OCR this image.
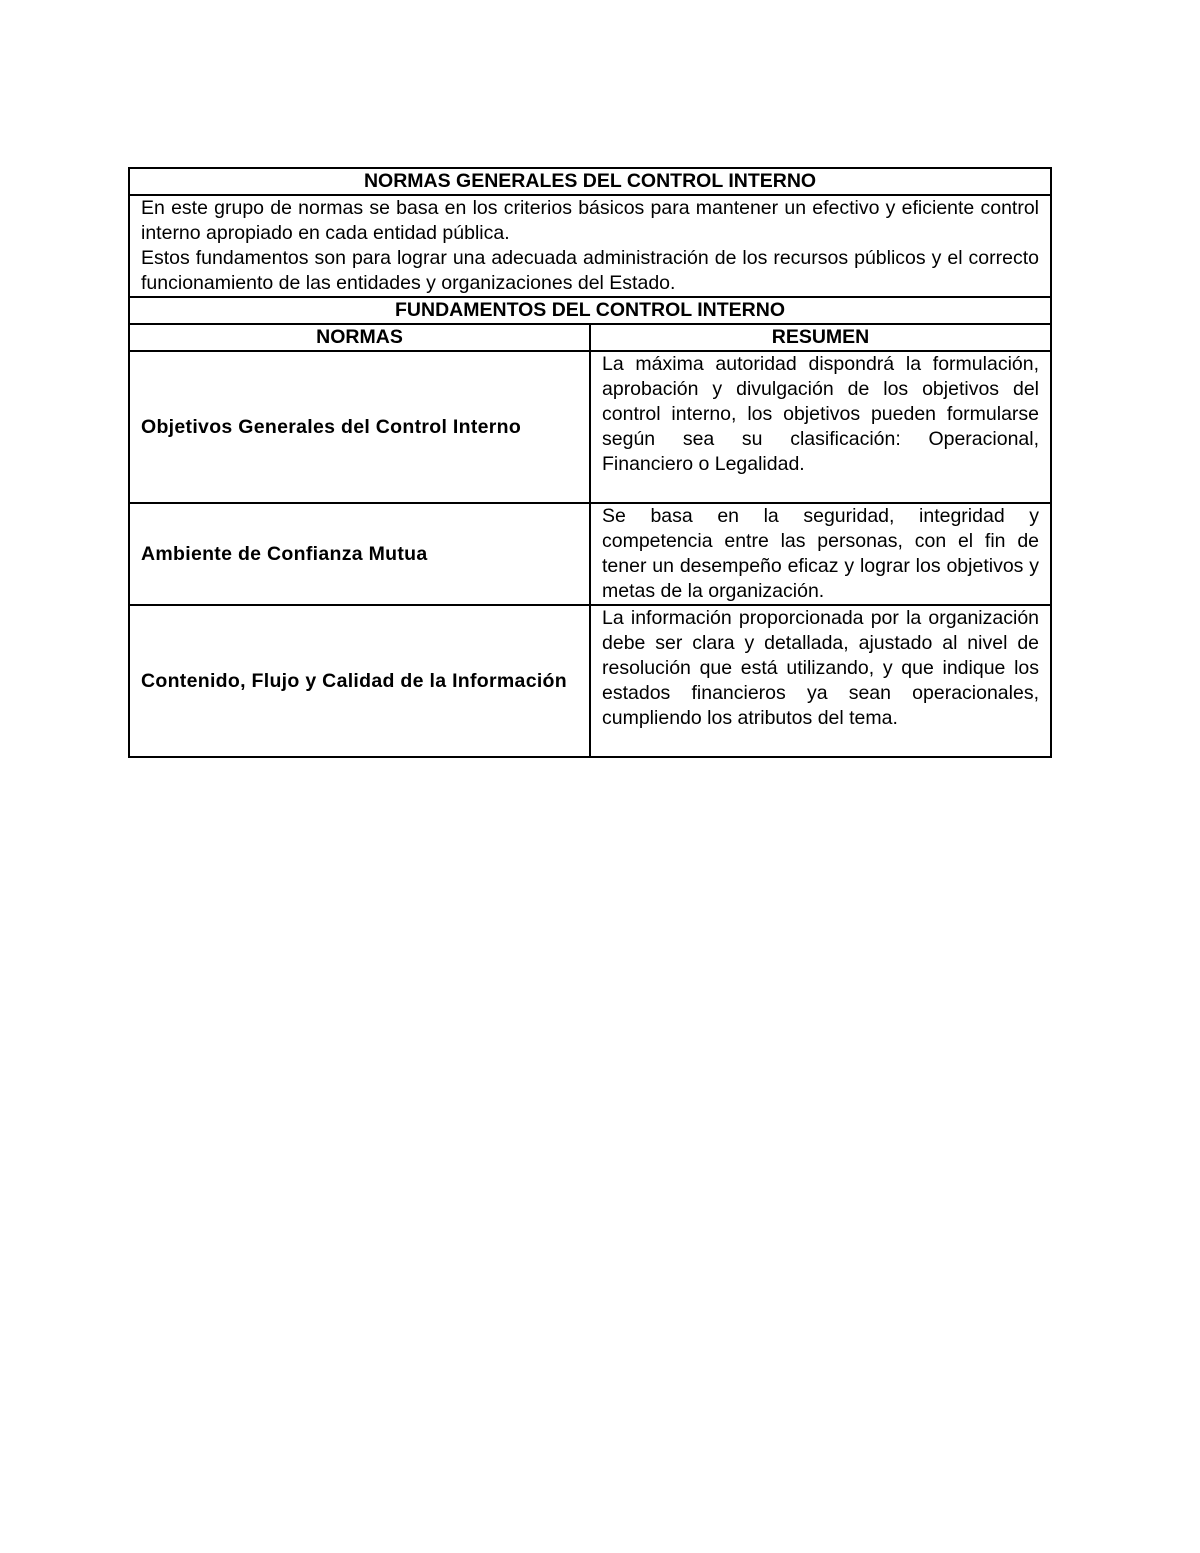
NORMAS GENERALES DEL CONTROL INTERNO	

En este grupo de normas se basa en los criterios básicos para mantener un efectivo y eficiente control interno apropiado en cada entidad pública.

Estos fundamentos son para lograr una adecuada administración de los recursos públicos y el correcto funcionamiento de las entidades y organizaciones del Estado.	

FUNDAMENTOS DEL CONTROL INTERNO	
NORMAS	RESUMEN
Objetivos Generales del Control Interno	La máxima autoridad dispondrá la formulación, aprobación y divulgación de los objetivos del control interno, los objetivos pueden formularse según sea su clasificación: Operacional, Financiero o Legalidad.
Ambiente de Confianza Mutua	Se basa en la seguridad, integridad y competencia entre las personas, con el fin de tener un desempeño eficaz y lograr los objetivos y metas de la organización.
Contenido, Flujo y Calidad de la Información	La información proporcionada por la organización debe ser clara y detallada, ajustado al nivel de resolución que está utilizando, y que indique los estados financieros ya sean operacionales, cumpliendo los atributos del tema.
